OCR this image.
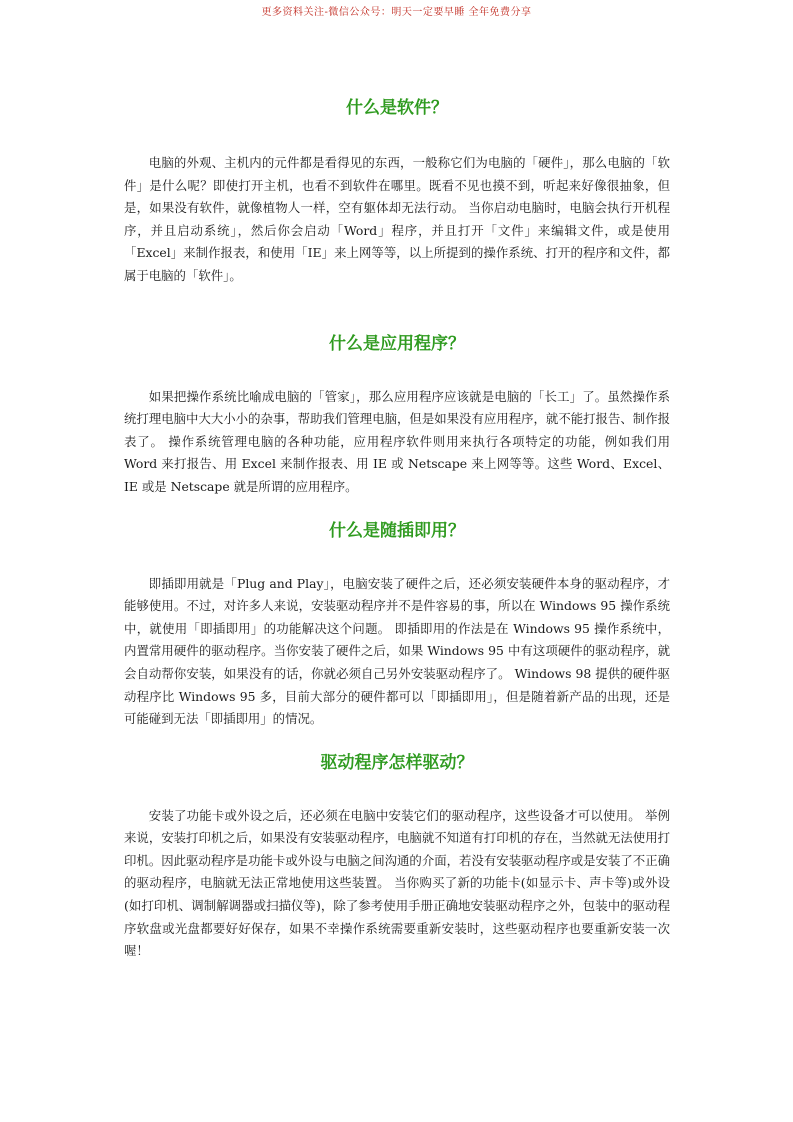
更多资料关注-微信公众号：明天一定要早睡 全年免费分享
什么是软件？

电脑的外观、主机内的元件都是看得见的东西，一般称它们为电脑的「硬件」，那么电脑的「软件」是什么呢？即使打开主机，也看不到软件在哪里。既看不见也摸不到，听起来好像很抽象，但是，如果没有软件，就像植物人一样，空有躯体却无法行动。 当你启动电脑时，电脑会执行开机程序，并且启动系统」，然后你会启动「Word」程序，并且打开「文件」来编辑文件，或是使用「Excel」来制作报表，和使用「IE」来上网等等，以上所提到的操作系统、打开的程序和文件，都属于电脑的「软件」。

什么是应用程序？

如果把操作系统比喻成电脑的「管家」，那么应用程序应该就是电脑的「长工」了。虽然操作系统打理电脑中大大小小的杂事，帮助我们管理电脑，但是如果没有应用程序，就不能打报告、制作报表了。 操作系统管理电脑的各种功能，应用程序软件则用来执行各项特定的功能，例如我们用 Word 来打报告、用 Excel 来制作报表、用 IE 或 Netscape 来上网等等。这些 Word、Excel、IE 或是 Netscape 就是所谓的应用程序。

什么是随插即用？

即插即用就是「Plug and Play」，电脑安装了硬件之后，还必须安装硬件本身的驱动程序，才能够使用。不过，对许多人来说，安装驱动程序并不是件容易的事，所以在 Windows 95 操作系统中，就使用「即插即用」的功能解决这个问题。 即插即用的作法是在 Windows 95 操作系统中，内置常用硬件的驱动程序。当你安装了硬件之后，如果 Windows 95 中有这项硬件的驱动程序，就会自动帮你安装，如果没有的话，你就必须自己另外安装驱动程序了。 Windows 98 提供的硬件驱动程序比 Windows 95 多，目前大部分的硬件都可以「即插即用」，但是随着新产品的出现，还是可能碰到无法「即插即用」的情况。

驱动程序怎样驱动？

安装了功能卡或外设之后，还必须在电脑中安装它们的驱动程序，这些设备才可以使用。 举例来说，安装打印机之后，如果没有安装驱动程序，电脑就不知道有打印机的存在，当然就无法使用打印机。因此驱动程序是功能卡或外设与电脑之间沟通的介面，若没有安装驱动程序或是安装了不正确的驱动程序，电脑就无法正常地使用这些装置。 当你购买了新的功能卡(如显示卡、声卡等)或外设(如打印机、调制解调器或扫描仪等)，除了参考使用手册正确地安装驱动程序之外，包装中的驱动程序软盘或光盘都要好好保存，如果不幸操作系统需要重新安装时，这些驱动程序也要重新安装一次喔！
